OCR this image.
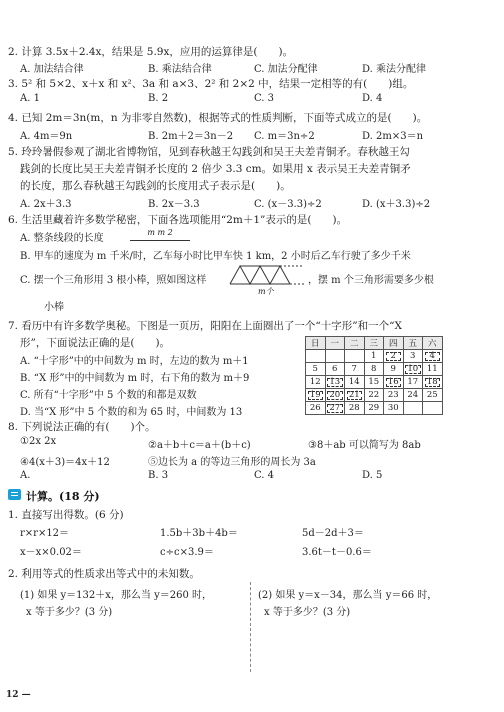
2. 计算 3.5x＋2.4x，结果是 5.9x，应用的运算律是(　　)。
A. 加法结合律	B. 乘法结合律	C. 加法分配律	D. 乘法分配律
3. 5² 和 5×2、x＋x 和 x²、3a 和 a×3、2² 和 2×2 中，结果一定相等的有(　　)组。
A. 1	B. 2	C. 3	D. 4
4. 已知 2m＝3n(m，n 为非零自然数)，根据等式的性质判断，下面等式成立的是(　　)。
A. 4m＝9n	B. 2m＋2＝3n－2 C. m＝3n÷2	D. 2m×3＝n
5. 玲玲暑假参观了湖北省博物馆，见到春秋越王勾践剑和吴王夫差青铜矛。春秋越王勾
践剑的长度比吴王夫差青铜矛长度的 2 倍少 3.3 cm。如果用 x 表示吴王夫差青铜矛
的长度，那么春秋越王勾践剑的长度用式子表示是(　　)。
A. 2x＋3.3	B. 2x－3.3	C. (x－3.3)÷2	D. (x＋3.3)÷2
6. 生活里藏着许多数学秘密，下面各选项能用“2m＋1”表示的是(　　)。
A. 整条线段的长度
m m 2
B. 甲车的速度为 m 千米/时，乙车每小时比甲车快 1 km，2 小时后乙车行驶了多少千米
C. 摆一个三角形用 3 根小棒，照如图这样
m个
，摆 m 个三角形需要多少根
小棒
7. 看历中有许多数学奥秘。下图是一页历，阳阳在上面圈出了一个“十字形”和一个“X
形”，下面说法正确的是(　　)。
A. “十字形”中的中间数为 m 时，左边的数为 m＋1
B. “X 形”中的中间数为 m 时，右下角的数为 m＋9
C. 所有“十字形”中 5 个数的和都是双数
D. 当“X 形”中 5 个数的和为 65 时，中间数为 13
日	一	二	三	四	五	六
			1	2	3	4
5	6	7	8	9	10	11
12	13	14	15	16	17	18
19	20	21	22	23	24	25
26	27	28	29	30		
8. 下列说法正确的有(　　)个。
①2x 2x	②a＋b＋c＝a＋(b＋c)	③8＋ab 可以简写为 8ab
④4(x＋3)＝4x＋12	⑤边长为 a 的等边三角形的周长为 3a
A.	B. 3	C. 4	D. 5
计算。(18 分)
1. 直接写出得数。(6 分)
r×r×12＝	1.5b＋3b＋4b＝	5d－2d＋3＝
x－x×0.02＝	c÷c×3.9＝	3.6t－t－0.6＝
2. 利用等式的性质求出等式中的未知数。
(1) 如果 y＝132＋x，那么当 y＝260 时，
x 等于多少？(3 分)
(2) 如果 y＝x－34，那么当 y＝66 时，
x 等于多少？(3 分)
12 —
